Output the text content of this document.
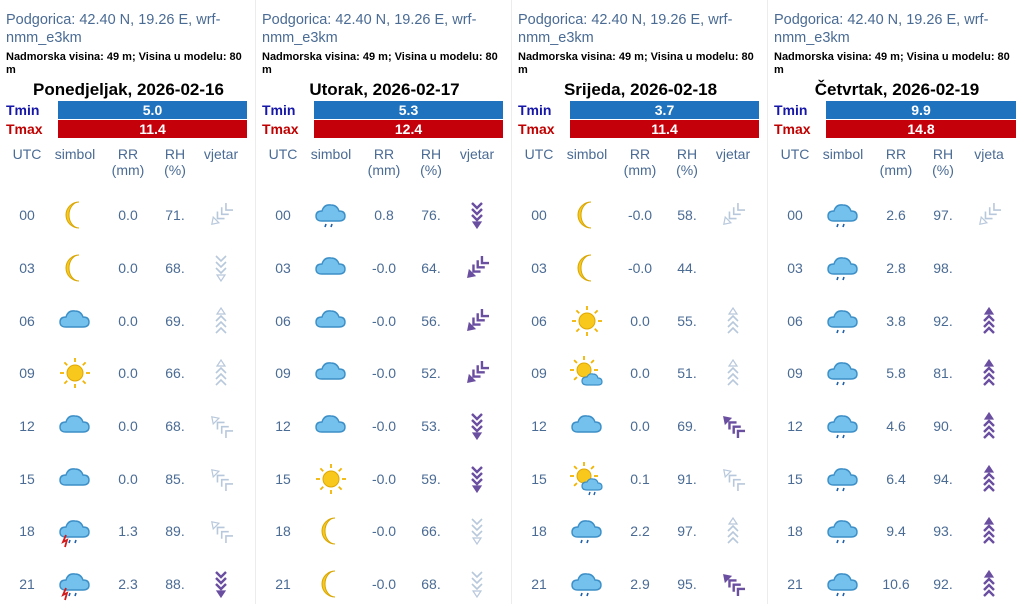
Podgorica: 42.40 N, 19.26 E, wrf-nmm_e3km
Nadmorska visina: 49 m; Visina u modelu: 80 m
Ponedjeljak, 2026-02-16
Tmin	5.0
Tmax	11.4
UTC simbol	RR
(mm)
RH
(%)
vjetar
00	0.0	71.
03	0.0	68.
06	0.0	69.
09	0.0	66.
12	0.0	68.
15	0.0	85.
18	1.3	89.
21	2.3	88.
Podgorica: 42.40 N, 19.26 E, wrf-nmm_e3km
Nadmorska visina: 49 m; Visina u modelu: 80 m
Utorak, 2026-02-17
Tmin	5.3
Tmax	12.4
UTC simbol	RR
(mm)
RH
(%)
vjetar
00	0.8	76.
03	-0.0	64.
06	-0.0	56.
09	-0.0	52.
12	-0.0	53.
15	-0.0	59.
18	-0.0	66.
21	-0.0	68.
Podgorica: 42.40 N, 19.26 E, wrf-nmm_e3km
Nadmorska visina: 49 m; Visina u modelu: 80 m
Srijeda, 2026-02-18
Tmin	3.7
Tmax	11.4
UTC simbol	RR
(mm)
RH
(%)
vjetar
00	-0.0	58.
03	-0.0	44.
06	0.0	55.
09	0.0	51.
12	0.0	69.
15	0.1	91.
18	2.2	97.
21	2.9	95.
Podgorica: 42.40 N, 19.26 E, wrf-nmm_e3km
Nadmorska visina: 49 m; Visina u modelu: 80 m
Četvrtak, 2026-02-19
Tmin	9.9
Tmax	14.8
UTC simbol	RR
(mm)
RH
(%)
vjeta
00	2.6	97.
03	2.8	98.
06	3.8	92.
09	5.8	81.
12	4.6	90.
15	6.4	94.
18	9.4	93.
21	10.6	92.
